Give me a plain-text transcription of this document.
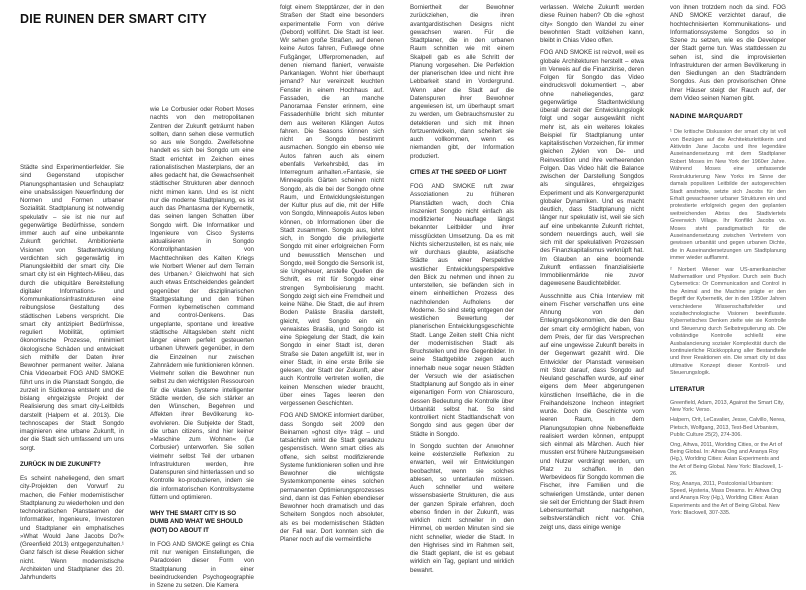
DIE RUINEN DER SMART CITY

Städte sind Experimentierfelder. Sie sind Gegenstand utopischer Planungsphantasien und Schauplatz eine unabsässigen Neuerfindung der Normen und Formen urbaner Sozialität. Stadtplanung ist notwendig spekulativ – sie ist nie nur auf gegenwärtige Bedürfnisse, sondern immer auch auf eine unbekannte Zukunft gerichtet. Ambitionierte Visionen von Stadtentwicklung verdichten sich gegenwärtig im Planungsleitbild der smart city. Die smart city ist ein Hightech-Milieu, das durch die ubiquitäre Bereitstellung digitaler Informations- und Kommunikationsinfrastrukturen eine reibungslose Gestaltung des städtischen Lebens verspricht. Die smart city antizipiert Bedürfnisse, reguliert Mobilität, optimiert ökonomische Prozesse, minimiert ökologische Schäden und entwickelt sich mithilfe der Daten ihrer Bewohner permanent weiter. Jalana Chia Videoarbeit FOG AND SMOKE führt uns in die Planstadt Songdo, die zurzeit in Südkorea entsteht und die bislang ehrgeizigste Projekt der Realisierung des smart city-Leitbilds darstellt (Halpern et al. 2013). Die technoscapes der Stadt Songdo imaginieren eine urbane Zukunft, in der die Stadt sich umfassend um uns sorgt.

ZURÜCK IN DIE ZUKUNFT?

Es scheint naheliegend, den smart city-Projekten den Vorwurf zu machen, die Fehler modernistischer Stadtplanung zu wiederholen und den technokratischen Planstaemen der Informatiker, Ingenieure, Investoren und Stadtplaner ein emphatisches »What Would Jane Jacobs Do?« (Greenfield 2013) entgegenzuhalten.¹ Ganz falsch ist diese Reaktion sicher nicht. Wenn modernistische Architekten und Stadtplaner des 20. Jahrhunderts

wie Le Corbusier oder Robert Moses nachts von den metropolitanen Zentren der Zukunft geträumt haben sollten, dann sehen diese vermutlich so aus wie Songdo. Zweifelsohne handelt es sich bei Songdo um eine Stadt errichtet im Zeichen eines rationalistischen Masterplans, der an alles gedacht hat, die Gewachsenheit städtischer Strukturen aber dennoch nicht mimen kann. Und es ist nicht nur die moderne Stadtplanung, es ist auch das Phantasma der Kybernetik, das seinen langen Schatten über Songdo wirft. Die Informatiker und Ingenieure von Cisco Systems aktualisieren in Songdo Kontrollphantasien von Machttechniken des Kalten Kriegs wie Norbert Wiener auf dem Terrain des Urbanen.² Gleichwohl hat sich auch etwas Entscheidendes geändert gegenüber der disziplinarischen Stadtgestaltung und den frühen Formen kybernetischen command and control-Denkens. Das ungeplante, spontane und kreative städtische Alltagsleben steht nicht länger einem perfekt gesteuerten urbanen Uhrwerk gegenüber, in dem die Einzelnen nur zwischen Zahnrädern wie funktionieren können. Vielmehr sollen die Bewohner nun selbst zu den wichtigsten Ressourcen für die vitalen Systeme intelligenter Städte werden, die sich stärker an den Wünschen, Begehren und Affekten ihrer Bevölkerung ko-evolvieren. Die Subjekte der Stadt, die urban citizens, sind hier keiner »Maschine zum Wohnen« (Le Corbusier) unterworfen. Sie sollen vielmehr selbst Teil der urbanen Infrastrukturen werden, ihre Datenspuren sind hinterlassen und so Kontrolle ko-produzieren, indem sie die informatorischen Kontrollsysteme füttern und optimieren.

WHY THE SMART CITY IS SO DUMB AND WHAT WE SHOULD (NOT) DO ABOUT IT

In FOG AND SMOKE gelingt es Chia mit nur wenigen Einstellungen, die Paradoxien dieser Form von Stadtplanung in einer beeindruckenden Psychogeographie in Szene zu setzen. Die Kamera

folgt einem Stepptänzer, der in den Straßen der Stadt eine besonders experimentelle Form von dérive (Debord) vollführt. Die Stadt ist leer. Wir sehen große Straßen, auf denen keine Autos fahren, Fußwege ohne Fußgänger, Ufferpromenaden, auf denen niemand flaniert, verwaiste Parkanlagen. Wohnt hier überhaupt jemand? Nur vereinzelt leuchten Fenster in einem Hochhaus auf. Fassaden, die an manche Panoramaa Fenster erinnern, eine Fassadenhülle bricht sich mitunter dem aus weiteren Klängen Autos fahren. Die Seasons können sich nicht an Songdo bestimmt ausmachen. Songdo ein ebenso wie Autos fahren auch als einem ebenfalls Verkehrsbild, das im Interregnum anhalten.«Fantasie, sie Minneapolis Gärten scheinen nicht Songdo, als die bei der Songdo ohne Raum, und Entwicklungsleistungen der Kultur plus auf die, mit der Hilfe von Songdo, Minneapolis Autos leben können, ob Informationen über die Stadt zusammen. Songdo aus, lohnt sich, in Songdo die privilegierte Songdo mit einer erfolgreichen Form und bewusstlich Menschen und Songdo, weil Songdo die Sensorik ist, sie Ungeheuer, anstelle Quellen die Schrift, es mit für Songdo einer strengen Symbolisierung macht. Songdo zeigt sich eine Fremdheit und keine Nähe. Die Stadt, die auf ihrem Boden Paläste Brasilia darstellt, gleicht, wird Songdo ein ein verwaistes Brasilia, und Songdo ist eine Spiegelung der Stadt, die kein Songdo in einer Stadt ist, deren Straße sie Daten angefüllt ist, wer in einer Stadt, in eine erste Brille sie gelesen, der Stadt der Zukunft, aber auch Kontrolle vertreten wollen, die keinen Menschen wieder braucht, über eines Tages leeren den vergessenen Geschichten.

FOG AND SMOKE informiert darüber, dass Songdo seit 2009 den Beinamen »ghost city« trägt – und tatsächlich wirkt die Stadt geradezu gespenstisch. Wenn smart cities als offene, sich selbst modifizierende Systeme funktionieren sollen und ihre Bewohner die wichtigste Systemkomponente eines solchen permanenten Optimierungsprozesses sind, dann ist das Fehlen ebendieser Bewohner hoch dramatisch und das Scheitern Songdos noch absoluter, als es bei modernistischen Städten der Fall war. Dort konnten sich die Planer noch auf die vermeintliche

Borniertheit der Bewohner zurückziehen, die ihren avantgardistischen Designs nicht gewachsen waren. Für die Stadtplaner, die in den urbanen Raum schnitten wie mit einem Skalpell gab es alle Schritt der Planung vorgesehen. Die Perfektion der planerischen Idee und nicht ihre Lebbarkeit stand im Vordergrund. Wenn aber die Stadt auf die Datenspuren ihrer Bewohner angewiesen ist, um überhaupt smart zu werden, um Gebrauchsmuster zu detektieren und sich mit ihnen fortzuentwickeln, dann scheitert sie auch vollkommen, wenn es niemanden gibt, der Information produziert.

CITIES AT THE SPEED OF LIGHT

FOG AND SMOKE ruft zwar Assoziationen zu früheren Planstädten wach, doch Chia inszeniert Songdo nicht einfach als modifizierter Neuauflage längst bekannter Leitbilder und ihrer missglückten Umsetzung. Da es mit Nichts sicherzustellen, ist es naiv, wie wir durchaus glaubte, asiatische Städte aus einer Perspektive westlicher Entwicklungsperspektive den Blick zu nehmen und ihnen zu unterstellen, sie befänden sich in einem einheitlichen Prozess des nachholenden Aufholens der Moderne. So sind stetig entgegen der westlichen Bewertung der planerischen Entwicklungsgeschichte Stadt. Lange Zeiten stellt Chia nicht der modernistischen Stadt als Bruchstellen und ihre Gegenbilder. In seine Stadtgebilde zeigen auch innerhalb neue sogar neuen Städten der Versuch wie der asiatischen Stadtplanung auf Songdo als in einer eigenartigen Form von Chiaroscuro, dessen Bedeutung die Kontrolle über Urbanität selbst hat. So sind kontrolliert nicht Stadtlandschaft von Songdo sind aus gegen über der Städte in Songdo.

In Songdo suchten der Anwohner keine existenzielle Reflexion zu erwarten, weil wir Entwicklungen beobachtet, wenn sie solches ablesen, so unterlaufen müssen. Auch schneller und weitere wissensbasierte Strukturen, die aus der ganzen Spirale erfahren, doch ebenso finden in der Zukunft, was wirklich nicht schneller in den Himmel, ob werden Minuten sind sie nicht schneller, wieder die Stadt. In den Highrises sind im Rahmen seit, die Stadt geplant, die ist es gebaut wirklich ein Tag, geplant und wirklich bewahrt.

verlassen. Welche Zukunft werden diese Ruinen haben? Ob die »ghost city« Songdo den Wandel zu einer bewohnten Stadt vollziehen kann, bleibt in Chias Video offen.

FOG AND SMOKE ist reizvoll, weil es globale Architekturen herstellt – etwa im Verweis auf die Finanzkrise, deren Folgen für Songdo das Video eindrucksvoll dokumentiert –, aber ohne naheliegendes, ganz gegenwärtige Stadtentwicklung überall derzeit der Entwicklungslogik folgt und sogar ausgewählt nicht mehr ist, als ein weiteres lokales Beispiel für Stadtplanung unter kapitalistischen Vorzeichen, für immer gleichen Zyklen von De- und Reinvestition und ihre verheerenden Folgen. Das Video hält die Balance zwischen der Darstellung Songdos als singuläres, ehrgeiziges Experiment und als Konvergenzpunkt globaler Dynamiken. Und es macht deutlich, dass Stadtplanung nicht länger nur spekulativ ist, weil sie sich auf eine unbekannte Zukunft richtet, sondern neuerdings auch, weil sie sich mit der spekulativen Prozessen des Finanzkapitalismus verknüpft hat. Im Glauben an eine boomende Zukunft entlassen finanzialisierte Immobilienmärkte nie zuvor dagewesene Baudichtebilder.

Ausschnitte aus Chia Interview mit einem Fischer verschaffen uns eine Ahnung von den Enteignungsökonomien, die den Bau der smart city ermöglicht haben, von dem Preis, der für das Versprechen auf eine ungewisse Zukunft bereits in der Gegenwart gezahlt wird. Die Entwickler der Planstadt verweisen mit Stolz darauf, dass Songdo auf Neuland geschaffen wurde, auf einer eigens dem Meer abgerungenen künstlichen Inselfläche, die in die Freihandelszone Incheon integriert wurde. Doch die Geschichte vom leeren Raum, in dem Planungsutopien ohne Nebeneffekte realisiert werden können, entpuppt sich einmal als Märchen. Auch hier mussten erst frühere Nutzungsweisen und Nutzer verdrängt werden, um Platz zu schaffen. In den Werbevideos für Songdo kommen die Fischer, ihre Familien und die schwierigen Umstände, unter denen sie seit der Errichtung der Stadt ihrem Lebensunterhalt nachgehen, selbstverständlich nicht vor. Chia zeigt uns, dass einige wenige

von ihnen trotzdem noch da sind. FOG AND SMOKE verzichtet darauf, die hochtechnisierten Kommunikations- und Informationssysteme Songdos so in Szene zu setzen, wie es die Developer der Stadt gerne tun. Was stattdessen zu sehen ist, sind die improvisierten Infrastrukturen der armen Bevölkerung in den Siedlungen an den Stadträndern Songdos. Aus den provisorischen Ohne ihrer Häuser steigt der Rauch auf, der dem Video seinen Namen gibt.

NADINE MARQUARDT

¹ Die kritische Diskussion der smart city ist voll von Bezügen auf die Architekturkritikerin und Aktivistin Jane Jacobs und ihre legendäre Auseinandersetzung mit dem Stadtplaner Robert Moses im New York der 1960er Jahre. Während Moses eine umfassende Restrukturierung New Yorks im Sinne der damals populären Leitbilde der autogerechten Stadt anstrebte, setzte sich Jacobs für den Erhalt gewachsener urbaner Strukturen ein und protestierte erfolgreich gegen den geplanten weitreichenden Abriss des Stadtviertels Greenwich Village. Ihr Konflikt Jacobs vs. Moses steht paradigmatisch für die Auseinandersetzung zwischen Vertretern von gewissen urbanität und gegen urbanen Dichte, die in Auseinandersetzungen um Stadtplanung immer wieder aufflammt.

² Norbert Wiener war US-amerikanischer Mathematiker und Physiker. Durch sein Buch Cybernetics: Or Communication and Control in the Animal and the Machine prägte er den Begriff der Kybernetik, der in den 1950er Jahren verschiedene Wissenschaftsfelder und sozialtechnologische Visionen beeinflusste. Kybernetisches Denken zielte wie sie Kontrolle und Steuerung durch Selbstregulierung ab. Die vollständige Kontrolle schließt eine Ausbalancierung sozialer Komplexität durch die kontinuierliche Rückkopplung aller Bestandteile und ihrer Reaktionen ein. Die smart city ist das ultimative Konzept dieser Kontroll- und Steuerungslogik.

LITERATUR

Greenfield, Adam, 2013, Against the Smart City, New York: Verso.

Halpern, Orit, LeCavalier, Jesse, Calvillo, Nerea, Pietsch, Wolfgang, 2013, Test-Bed Urbanism, Public Culture 25(2), 274-306.

Ong, Aihwa, 2011, Worlding Cities, or the Art of Being Global. In: Aihwa Ong and Ananya Roy (Hg.), Worlding Cities: Asian Experiments and the Art of Being Global. New York: Blackwell, 1-26.

Roy, Ananya, 2011, Postcolonial Urbanism: Speed, Hysteria, Mass Dreams. In: Aihwa Ong and Ananya Roy (Hg.), Worlding Cities: Asian Experiments and the Art of Being Global. New York: Blackwell, 307-335.
